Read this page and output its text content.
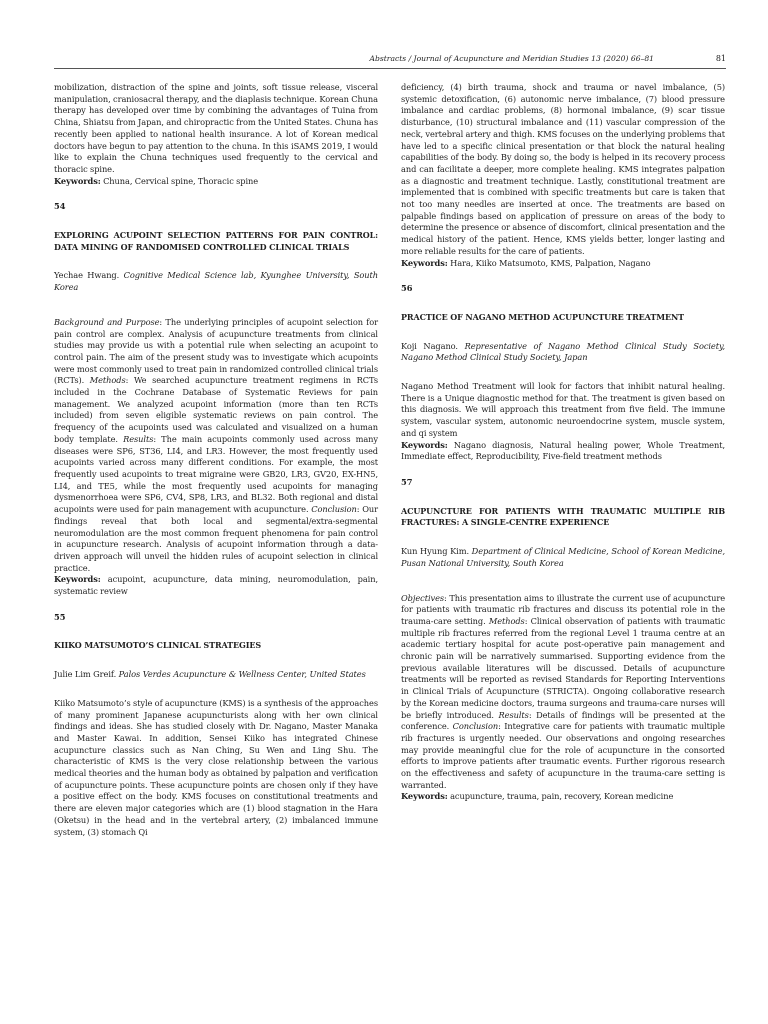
Abstracts / Journal of Acupuncture and Meridian Studies 13 (2020) 66–81	81

mobilization, distraction of the spine and joints, soft tissue release, visceral manipulation, craniosacral therapy, and the diaplasis technique. Korean Chuna therapy has developed over time by combining the advantages of Tuina from China, Shiatsu from Japan, and chiropractic from the United States. Chuna has recently been applied to national health insurance. A lot of Korean medical doctors have begun to pay attention to the chuna. In this iSAMS 2019, I would like to explain the Chuna techniques used frequently to the cervical and thoracic spine.

Keywords: Chuna, Cervical spine, Thoracic spine

54

EXPLORING ACUPOINT SELECTION PATTERNS FOR PAIN CONTROL: DATA MINING OF RANDOMISED CONTROLLED CLINICAL TRIALS

Yechae Hwang. Cognitive Medical Science lab, Kyunghee University, South Korea

Background and Purpose: The underlying principles of acupoint selection for pain control are complex. Analysis of acupuncture treatments from clinical studies may provide us with a potential rule when selecting an acupoint to control pain. The aim of the present study was to investigate which acupoints were most commonly used to treat pain in randomized controlled clinical trials (RCTs). Methods: We searched acupuncture treatment regimens in RCTs included in the Cochrane Database of Systematic Reviews for pain management. We analyzed acupoint information (more than ten RCTs included) from seven eligible systematic reviews on pain control. The frequency of the acupoints used was calculated and visualized on a human body template. Results: The main acupoints commonly used across many diseases were SP6, ST36, LI4, and LR3. However, the most frequently used acupoints varied across many different conditions. For example, the most frequently used acupoints to treat migraine were GB20, LR3, GV20, EX-HN5, LI4, and TE5, while the most frequently used acupoints for managing dysmenorrhoea were SP6, CV4, SP8, LR3, and BL32. Both regional and distal acupoints were used for pain management with acupuncture. Conclusion: Our findings reveal that both local and segmental/extra-segmental neuromodulation are the most common frequent phenomena for pain control in acupuncture research. Analysis of acupoint information through a data-driven approach will unveil the hidden rules of acupoint selection in clinical practice.

Keywords: acupoint, acupuncture, data mining, neuromodulation, pain, systematic review

55

KIIKO MATSUMOTO’S CLINICAL STRATEGIES

Julie Lim Greif. Palos Verdes Acupuncture & Wellness Center, United States

Kiiko Matsumoto’s style of acupuncture (KMS) is a synthesis of the approaches of many prominent Japanese acupuncturists along with her own clinical findings and ideas. She has studied closely with Dr. Nagano, Master Manaka and Master Kawai. In addition, Sensei Kiiko has integrated Chinese acupuncture classics such as Nan Ching, Su Wen and Ling Shu. The characteristic of KMS is the very close relationship between the various medical theories and the human body as obtained by palpation and verification of acupuncture points. These acupuncture points are chosen only if they have a positive effect on the body. KMS focuses on constitutional treatments and there are eleven major categories which are (1) blood stagnation in the Hara (Oketsu) in the head and in the vertebral artery, (2) imbalanced immune system, (3) stomach Qi

deficiency, (4) birth trauma, shock and trauma or navel imbalance, (5) systemic detoxification, (6) autonomic nerve imbalance, (7) blood pressure imbalance and cardiac problems, (8) hormonal imbalance, (9) scar tissue disturbance, (10) structural imbalance and (11) vascular compression of the neck, vertebral artery and thigh. KMS focuses on the underlying problems that have led to a specific clinical presentation or that block the natural healing capabilities of the body. By doing so, the body is helped in its recovery process and can facilitate a deeper, more complete healing. KMS integrates palpation as a diagnostic and treatment technique. Lastly, constitutional treatment are implemented that is combined with specific treatments but care is taken that not too many needles are inserted at once. The treatments are based on palpable findings based on application of pressure on areas of the body to determine the presence or absence of discomfort, clinical presentation and the medical history of the patient. Hence, KMS yields better, longer lasting and more reliable results for the care of patients.

Keywords: Hara, Kiiko Matsumoto, KMS, Palpation, Nagano

56

PRACTICE OF NAGANO METHOD ACUPUNCTURE TREATMENT

Koji Nagano. Representative of Nagano Method Clinical Study Society, Nagano Method Clinical Study Society, Japan

Nagano Method Treatment will look for factors that inhibit natural healing. There is a Unique diagnostic method for that. The treatment is given based on this diagnosis. We will approach this treatment from five field. The immune system, vascular system, autonomic neuroendocrine system, muscle system, and qi system

Keywords: Nagano diagnosis, Natural healing power, Whole Treatment, Immediate effect, Reproducibility, Five-field treatment methods

57

ACUPUNCTURE FOR PATIENTS WITH TRAUMATIC MULTIPLE RIB FRACTURES: A SINGLE-CENTRE EXPERIENCE

Kun Hyung Kim. Department of Clinical Medicine, School of Korean Medicine, Pusan National University, South Korea

Objectives: This presentation aims to illustrate the current use of acupuncture for patients with traumatic rib fractures and discuss its potential role in the trauma-care setting. Methods: Clinical observation of patients with traumatic multiple rib fractures referred from the regional Level 1 trauma centre at an academic tertiary hospital for acute post-operative pain management and chronic pain will be narratively summarised. Supporting evidence from the previous available literatures will be discussed. Details of acupuncture treatments will be reported as revised Standards for Reporting Interventions in Clinical Trials of Acupuncture (STRICTA). Ongoing collaborative research by the Korean medicine doctors, trauma surgeons and trauma-care nurses will be briefly introduced. Results: Details of findings will be presented at the conference. Conclusion: Integrative care for patients with traumatic multiple rib fractures is urgently needed. Our observations and ongoing researches may provide meaningful clue for the role of acupuncture in the consorted efforts to improve patients after traumatic events. Further rigorous research on the effectiveness and safety of acupuncture in the trauma-care setting is warranted.

Keywords: acupuncture, trauma, pain, recovery, Korean medicine
